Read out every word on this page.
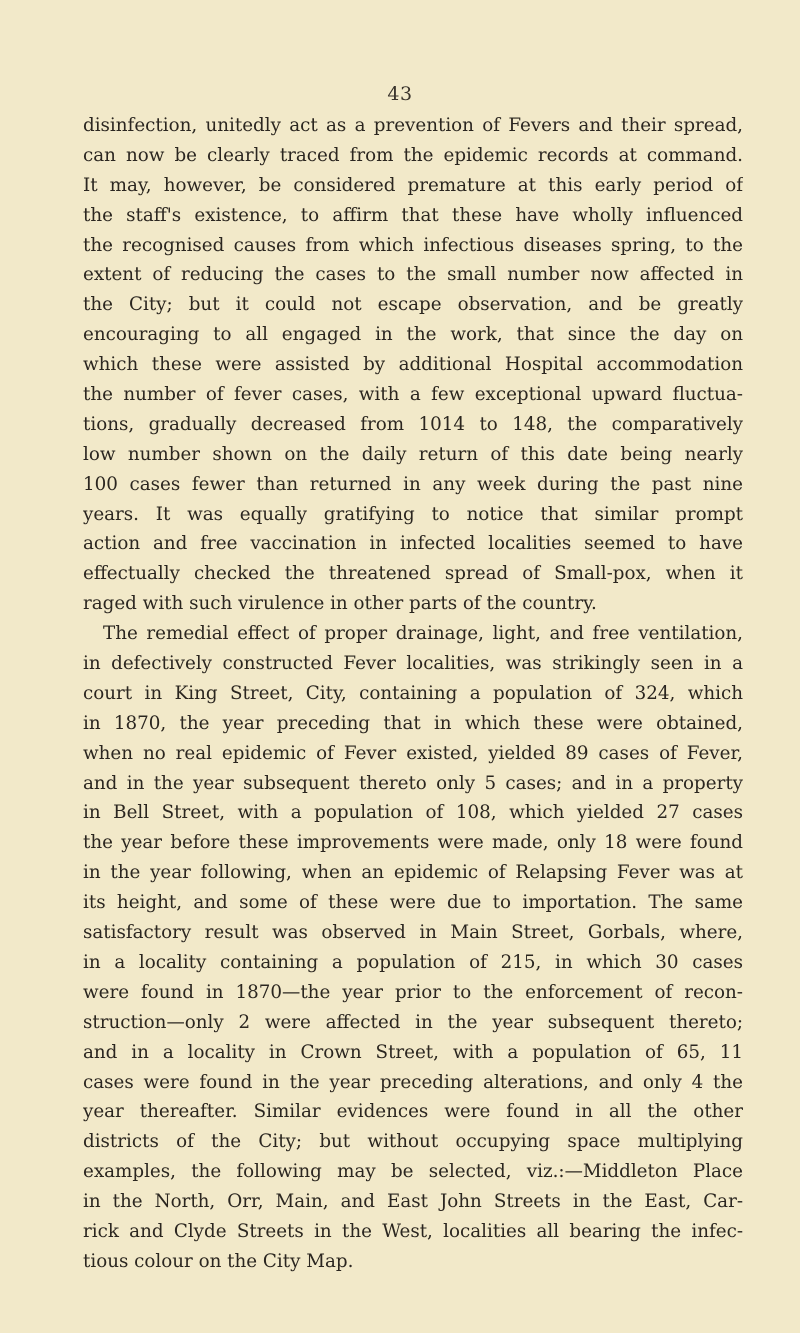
43
disinfection, unitedly act as a prevention of Fevers and their spread,
can now be clearly traced from the epidemic records at command.
It may, however, be considered premature at this early period of
the staff's existence, to affirm that these have wholly influenced
the recognised causes from which infectious diseases spring, to the
extent of reducing the cases to the small number now affected in
the City; but it could not escape observation, and be greatly
encouraging to all engaged in the work, that since the day on
which these were assisted by additional Hospital accommodation
the number of fever cases, with a few exceptional upward fluctua-
tions, gradually decreased from 1014 to 148, the comparatively
low number shown on the daily return of this date being nearly
100 cases fewer than returned in any week during the past nine
years. It was equally gratifying to notice that similar prompt
action and free vaccination in infected localities seemed to have
effectually checked the threatened spread of Small-pox, when it
raged with such virulence in other parts of the country.
The remedial effect of proper drainage, light, and free ventilation,
in defectively constructed Fever localities, was strikingly seen in a
court in King Street, City, containing a population of 324, which
in 1870, the year preceding that in which these were obtained,
when no real epidemic of Fever existed, yielded 89 cases of Fever,
and in the year subsequent thereto only 5 cases; and in a property
in Bell Street, with a population of 108, which yielded 27 cases
the year before these improvements were made, only 18 were found
in the year following, when an epidemic of Relapsing Fever was at
its height, and some of these were due to importation. The same
satisfactory result was observed in Main Street, Gorbals, where,
in a locality containing a population of 215, in which 30 cases
were found in 1870—the year prior to the enforcement of recon-
struction—only 2 were affected in the year subsequent thereto;
and in a locality in Crown Street, with a population of 65, 11
cases were found in the year preceding alterations, and only 4 the
year thereafter. Similar evidences were found in all the other
districts of the City; but without occupying space multiplying
examples, the following may be selected, viz.:—Middleton Place
in the North, Orr, Main, and East John Streets in the East, Car-
rick and Clyde Streets in the West, localities all bearing the infec-
tious colour on the City Map.
